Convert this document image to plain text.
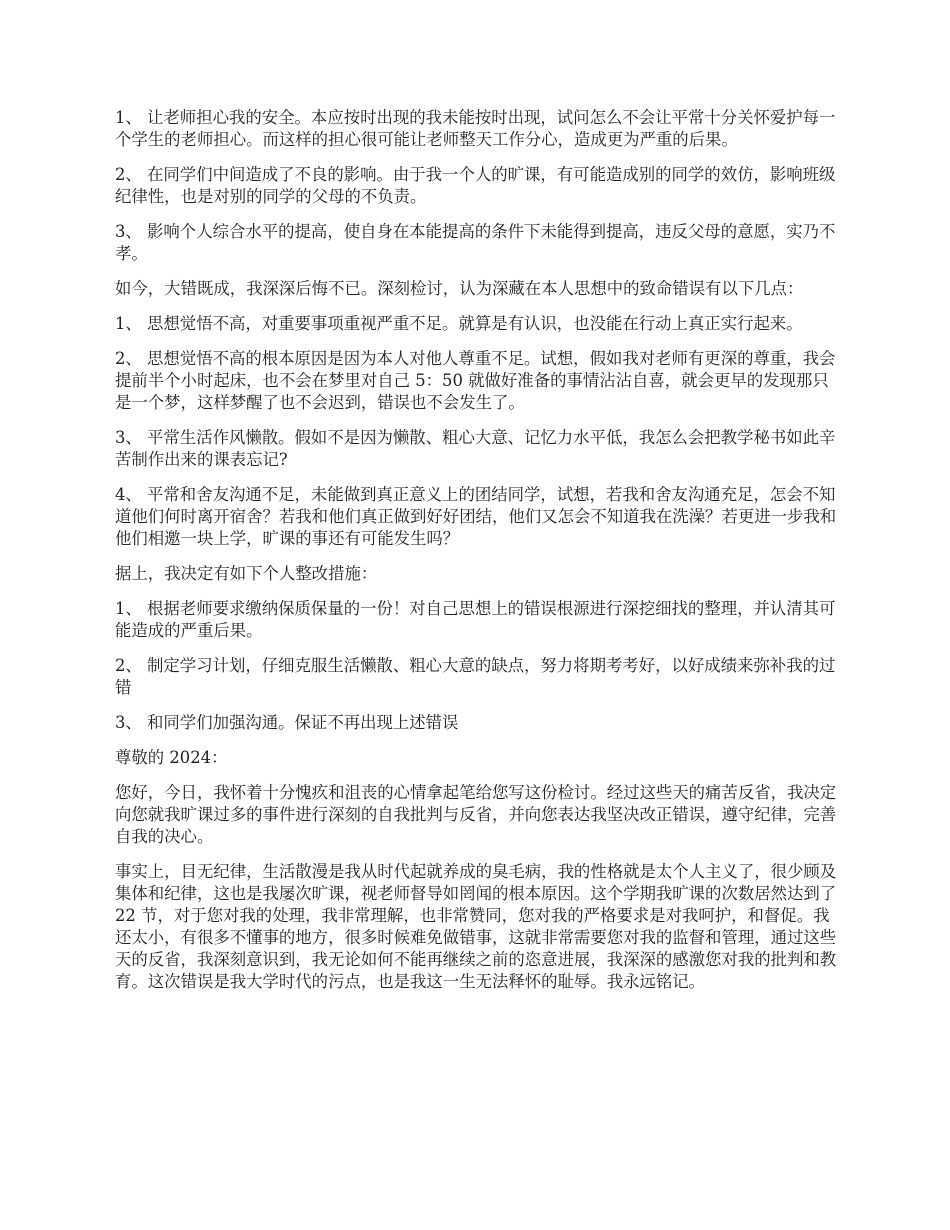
1、 让老师担心我的安全。本应按时出现的我未能按时出现，试问怎么不会让平常十分关怀爱护每一个学生的老师担心。而这样的担心很可能让老师整天工作分心，造成更为严重的后果。

2、 在同学们中间造成了不良的影响。由于我一个人的旷课，有可能造成别的同学的效仿，影响班级纪律性，也是对别的同学的父母的不负责。

3、 影响个人综合水平的提高，使自身在本能提高的条件下未能得到提高，违反父母的意愿，实乃不孝。

如今，大错既成，我深深后悔不已。深刻检讨，认为深藏在本人思想中的致命错误有以下几点：

1、 思想觉悟不高，对重要事项重视严重不足。就算是有认识，也没能在行动上真正实行起来。

2、 思想觉悟不高的根本原因是因为本人对他人尊重不足。试想，假如我对老师有更深的尊重，我会提前半个小时起床，也不会在梦里对自己 5：50 就做好准备的事情沾沾自喜，就会更早的发现那只是一个梦，这样梦醒了也不会迟到，错误也不会发生了。

3、 平常生活作风懒散。假如不是因为懒散、粗心大意、记忆力水平低，我怎么会把教学秘书如此辛苦制作出来的课表忘记?

4、 平常和舍友沟通不足，未能做到真正意义上的团结同学，试想，若我和舍友沟通充足，怎会不知道他们何时离开宿舍？若我和他们真正做到好好团结，他们又怎会不知道我在洗澡？若更进一步我和他们相邀一块上学，旷课的事还有可能发生吗？

据上，我决定有如下个人整改措施：

1、 根据老师要求缴纳保质保量的一份！对自己思想上的错误根源进行深挖细找的整理，并认清其可能造成的严重后果。

2、 制定学习计划，仔细克服生活懒散、粗心大意的缺点，努力将期考考好，以好成绩来弥补我的过错

3、 和同学们加强沟通。保证不再出现上述错误

尊敬的 2024：

您好，今日，我怀着十分愧疚和沮丧的心情拿起笔给您写这份检讨。经过这些天的痛苦反省，我决定向您就我旷课过多的事件进行深刻的自我批判与反省，并向您表达我坚决改正错误，遵守纪律，完善自我的决心。

事实上，目无纪律，生活散漫是我从时代起就养成的臭毛病，我的性格就是太个人主义了，很少顾及集体和纪律，这也是我屡次旷课，视老师督导如罔闻的根本原因。这个学期我旷课的次数居然达到了 22 节，对于您对我的处理，我非常理解，也非常赞同，您对我的严格要求是对我呵护，和督促。我还太小，有很多不懂事的地方，很多时候难免做错事，这就非常需要您对我的监督和管理，通过这些天的反省，我深刻意识到，我无论如何不能再继续之前的恣意进展，我深深的感激您对我的批判和教育。这次错误是我大学时代的污点，也是我这一生无法释怀的耻辱。我永远铭记。
